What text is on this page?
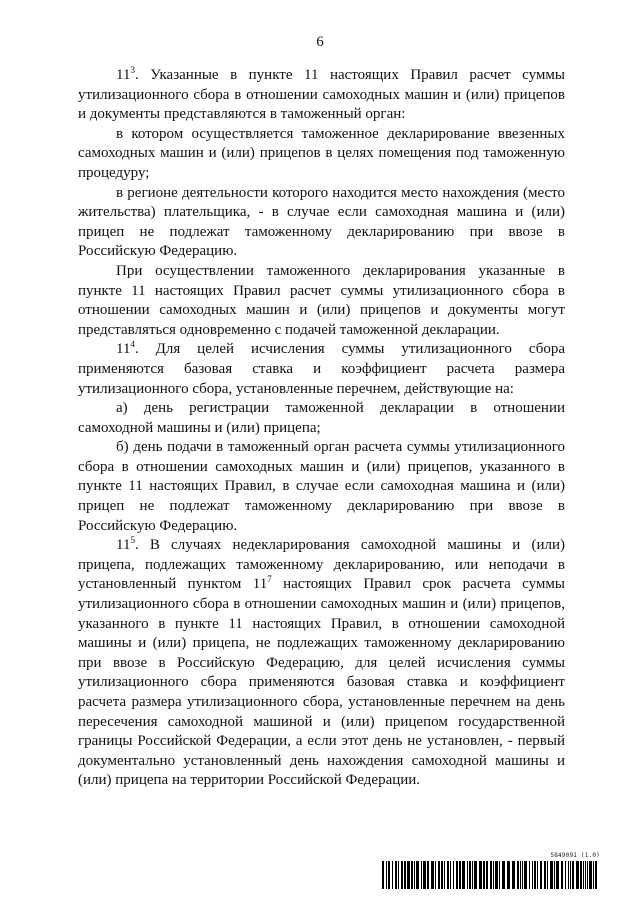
6

$11^3$. Указанные в пункте 11 настоящих Правил расчет суммы утилизационного сбора в отношении самоходных машин и (или) прицепов и документы представляются в таможенный орган:

в котором осуществляется таможенное декларирование ввезенных самоходных машин и (или) прицепов в целях помещения под таможенную процедуру;

в регионе деятельности которого находится место нахождения (место жительства) плательщика, - в случае если самоходная машина и (или) прицеп не подлежат таможенному декларированию при ввозе в Российскую Федерацию.

При осуществлении таможенного декларирования указанные в пункте 11 настоящих Правил расчет суммы утилизационного сбора в отношении самоходных машин и (или) прицепов и документы могут представляться одновременно с подачей таможенной декларации.

$11^4$. Для целей исчисления суммы утилизационного сбора применяются базовая ставка и коэффициент расчета размера утилизационного сбора, установленные перечнем, действующие на:

а) день регистрации таможенной декларации в отношении самоходной машины и (или) прицепа;

б) день подачи в таможенный орган расчета суммы утилизационного сбора в отношении самоходных машин и (или) прицепов, указанного в пункте 11 настоящих Правил, в случае если самоходная машина и (или) прицеп не подлежат таможенному декларированию при ввозе в Российскую Федерацию.

$11^5$. В случаях недекларирования самоходной машины и (или) прицепа, подлежащих таможенному декларированию, или неподачи в установленный пунктом $11^7$ настоящих Правил срок расчета суммы утилизационного сбора в отношении самоходных машин и (или) прицепов, указанного в пункте 11 настоящих Правил, в отношении самоходной машины и (или) прицепа, не подлежащих таможенному декларированию при ввозе в Российскую Федерацию, для целей исчисления суммы утилизационного сбора применяются базовая ставка и коэффициент расчета размера утилизационного сбора, установленные перечнем на день пересечения самоходной машиной и (или) прицепом государственной границы Российской Федерации, а если этот день не установлен, - первый документально установленный день нахождения самоходной машины и (или) прицепа на территории Российской Федерации.

5849091 (1.0)
